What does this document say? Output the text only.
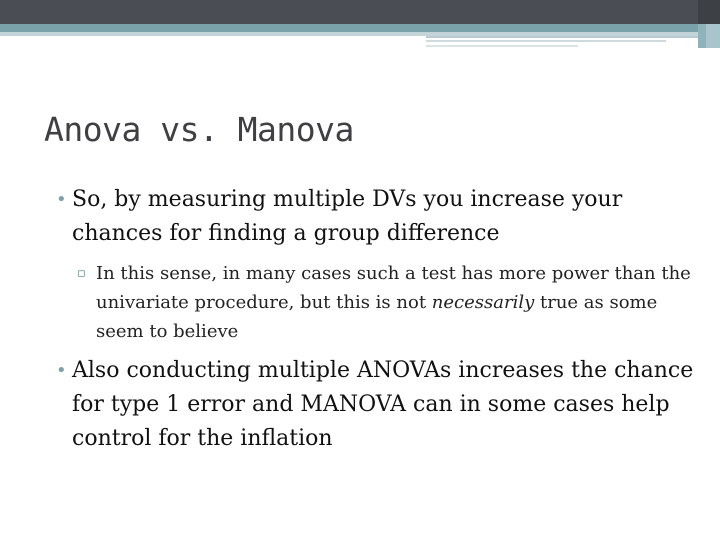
Anova vs. Manova

• So, by measuring multiple DVs you increase your chances for finding a group difference

▫ In this sense, in many cases such a test has more power than the univariate procedure, but this is not necessarily true as some seem to believe

• Also conducting multiple ANOVAs increases the chance for type 1 error and MANOVA can in some cases help control for the inflation
